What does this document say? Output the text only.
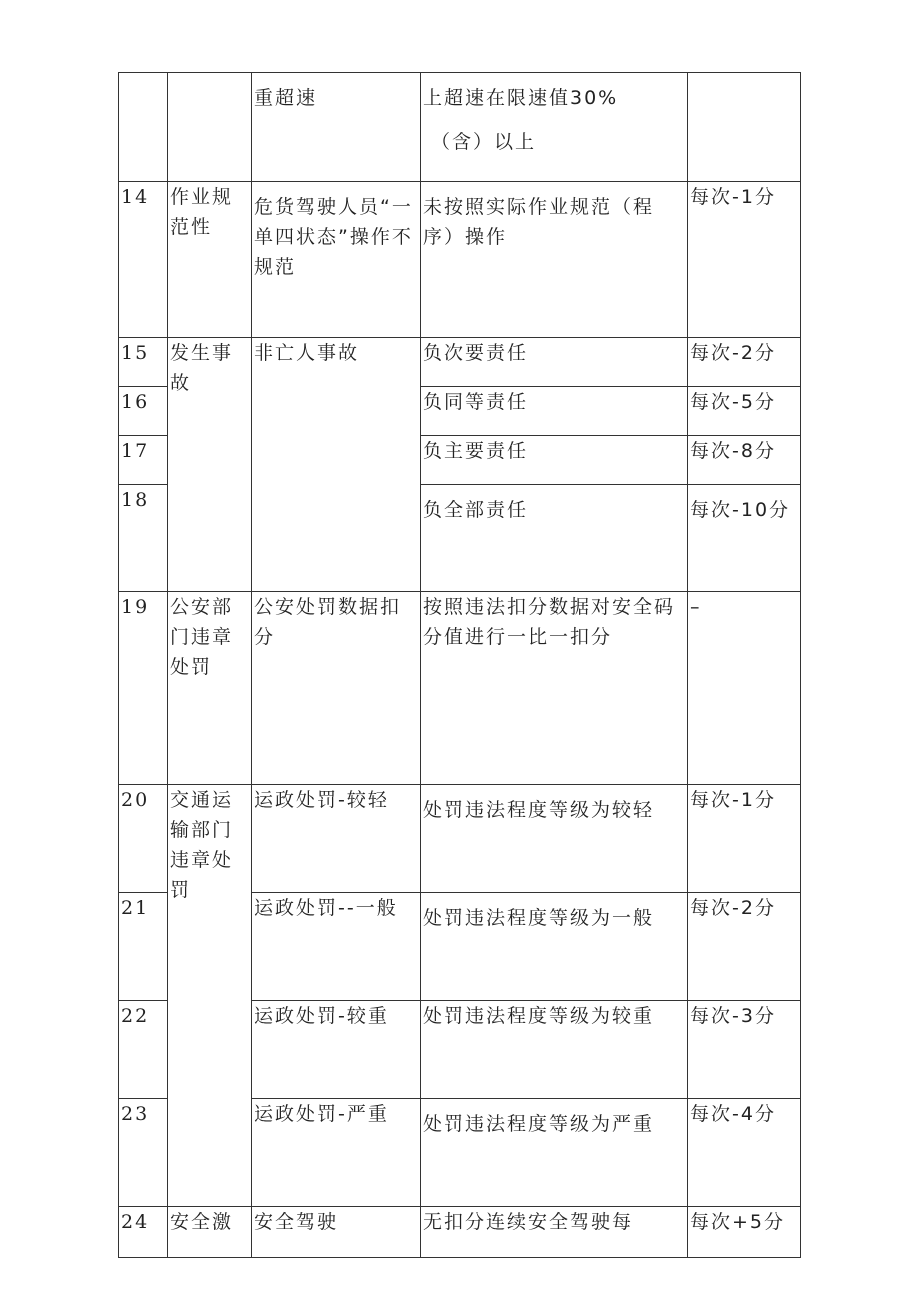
		重超速	上超速在限速值30%
（含）以上	

14	作业规范性	危货驾驶人员“一单四状态”操作不规范	未按照实际作业规范（程序）操作	每次-1分
15	发生事故	非亡人事故	负次要责任	每次-2分
16			负同等责任	每次-5分
17			负主要责任	每次-8分
18			负全部责任	每次-10分
19	公安部门违章处罚	公安处罚数据扣分	按照违法扣分数据对安全码分值进行一比一扣分	–
20	交通运输部门违章处罚	运政处罚-较轻	处罚违法程度等级为较轻	每次-1分
21		运政处罚--一般	处罚违法程度等级为一般	每次-2分
22		运政处罚-较重	处罚违法程度等级为较重	每次-3分
23		运政处罚-严重	处罚违法程度等级为严重	每次-4分
24	安全激	安全驾驶	无扣分连续安全驾驶每	每次+5分
